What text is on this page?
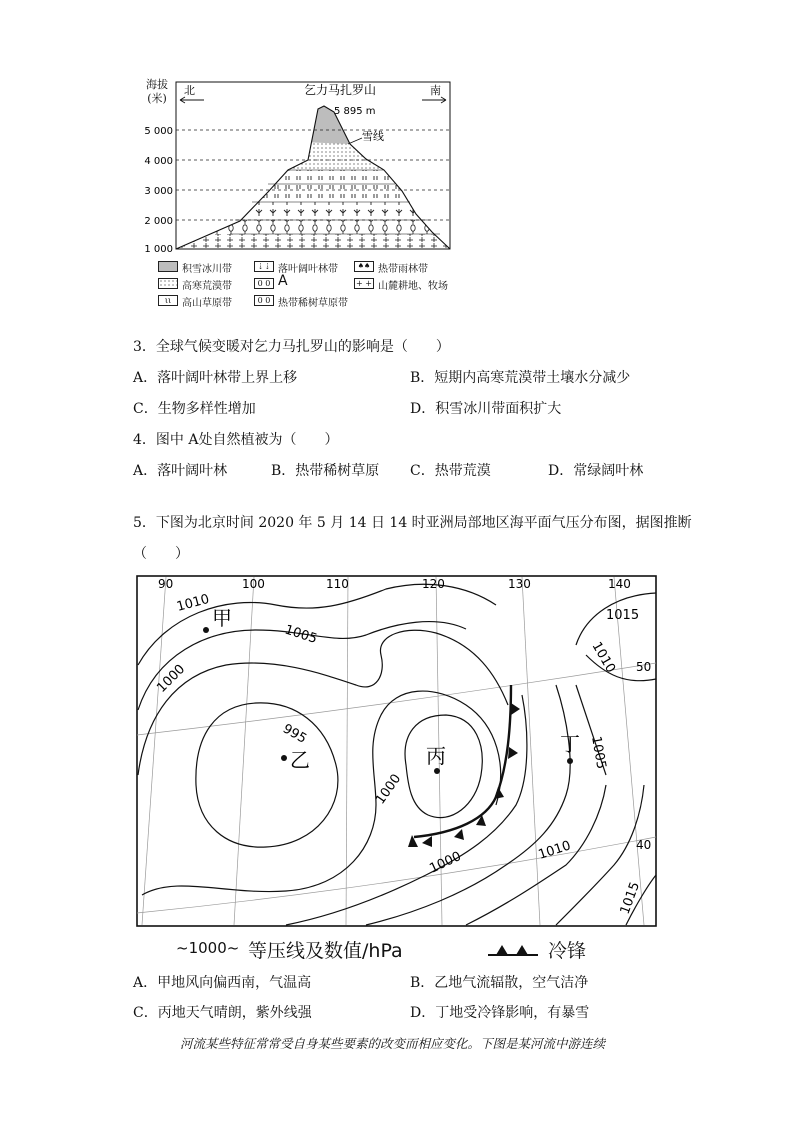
海拔
(米)
5 000
4 000
3 000
2 000
1 000
北	南
乞力马扎罗山
5 895 m
雪线
积雪冰川带	⇣⇣ 落叶阔叶林带	♠♠ 热带雨林带
高寒荒漠带	0 0 A	+ + 山麓耕地、牧场
ιι	高山草原带	0 0 热带稀树草原带
3．全球气候变暖对乞力马扎罗山的影响是（　　）
A．落叶阔叶林带上界上移	B．短期内高寒荒漠带土壤水分减少
C．生物多样性增加	D．积雪冰川带面积扩大
4．图中 A处自然植被为（　　）
A．落叶阔叶林	B．热带稀树草原 C．热带荒漠	D．常绿阔叶林
5．下图为北京时间 2020 年 5 月 14 日 14 时亚洲局部地区海平面气压分布图，据图推断
（　　）
90	100	110	120	130	140
50
40
1010
1005
1000
995
1000
1000	1010
1015
1010
1005
1015
甲
乙	丙	丁
~1000~ 等压线及数值/hPa	冷锋
A．甲地风向偏西南，气温高	B．乙地气流辐散，空气洁净
C．丙地天气晴朗，紫外线强	D．丁地受冷锋影响，有暴雪
河流某些特征常常受自身某些要素的改变而相应变化。下图是某河流中游连续
